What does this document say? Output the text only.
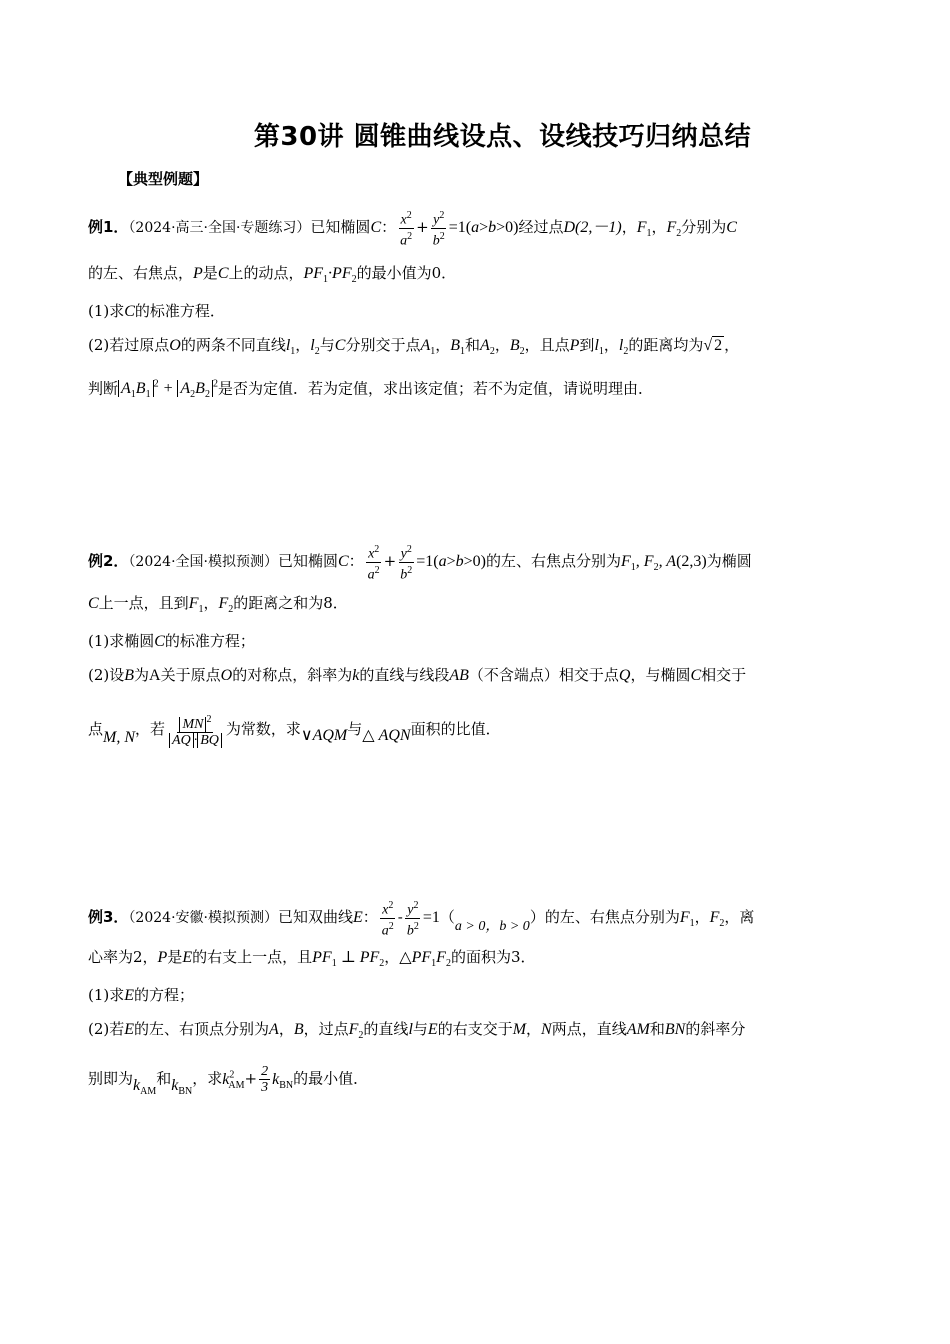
第30讲 圆锥曲线设点、设线技巧归纳总结
【典型例题】
例1．（2024·高三·全国·专题练习）已知椭圆C： $\frac{x^2}{a^2} + \frac{y^2}{b^2} =1(a>b>0)$经过点D(2,－1)，$F_1$，$F_2$分别为C
的左、右焦点，P是C上的动点，$PF_1\cdot PF_2$的最小值为0．
(1)求C的标准方程．
(2)若过原点O的两条不同直线$l_1$，$l_2$与C分别交于点$A_1$，$B_1$和$A_2$，$B_2$，且点P到$l_1$，$l_2$的距离均为√ 2 ，
判断 $A_1B_1^2 + A_2B_2^2$是否为定值．若为定值，求出该定值；若不为定值，请说明理由．
例2．（2024·全国·模拟预测）已知椭圆C： $\frac{x^2}{a^2} + \frac{y^2}{b^2} =1(a>b>0)$的左、右焦点分别为$F_1$, $F_2$, A(2,3)为椭圆
C上一点，且到$F_1$，$F_2$的距离之和为8．
(1)求椭圆C的标准方程；
(2)设B为A关于原点O的对称点，斜率为k的直线与线段AB（不含端点）相交于点Q，与椭圆C相交于
点M, N，若 $\frac{MN ^2}{AQ \cdot BQ}$ 为常数，求∨AQM与△ AQN面积的比值．
例3．（2024·安徽·模拟预测）已知双曲线E： $\frac{x^2}{a^2} - \frac{y^2}{b^2} =1(a > 0$，b > 0）的左、右焦点分别为$F_1$，$F_2$，离
心率为2，P是E的右支上一点，且$PF_1$ ⊥ $PF_2$，$\triangle PF_1F_2$的面积为3．
(1)求E的方程；
(2)若E的左、右顶点分别为A，B，过点$F_2$的直线l与E的右支交于M，N两点，直线AM和BN的斜率分
别即为$k_{AM}$和$k_{BN}$，求$k^2_{AM}+ \frac{2}{3} k_{BN}$的最小值．
